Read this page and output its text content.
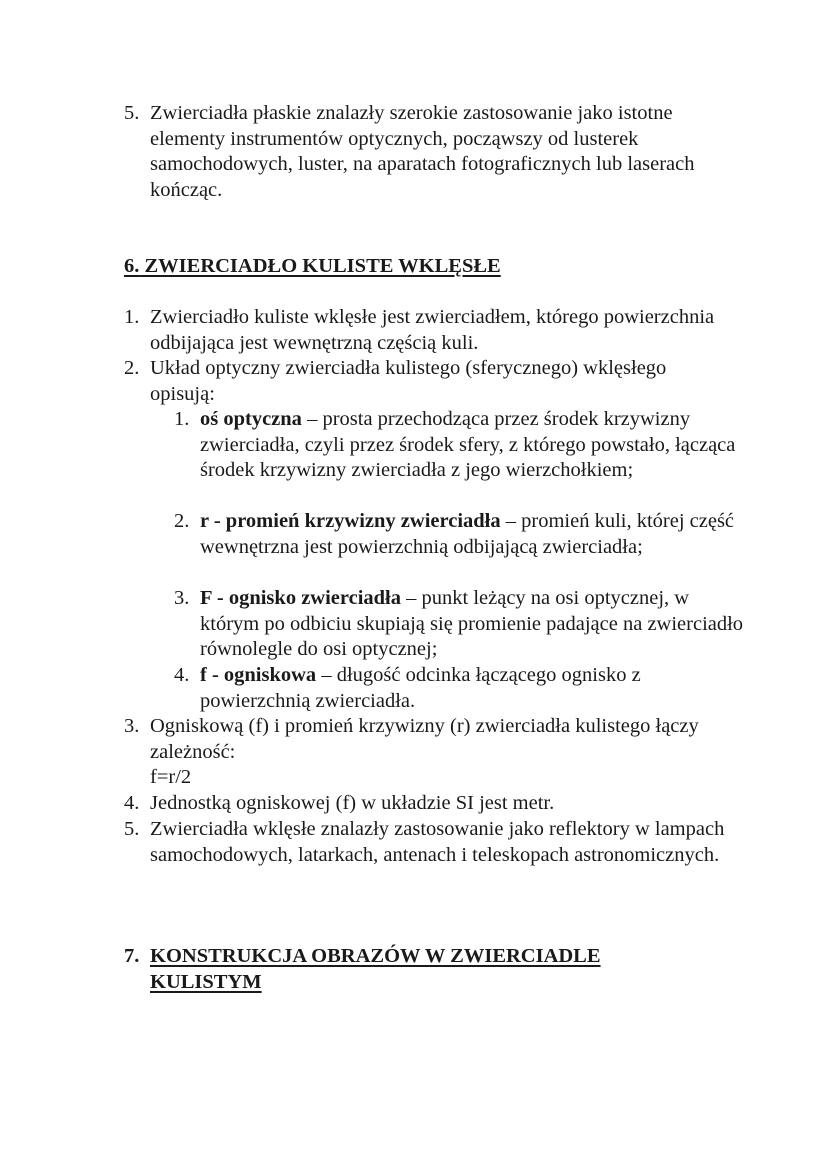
5. Zwierciadła płaskie znalazły szerokie zastosowanie jako istotne elementy instrumentów optycznych, począwszy od lusterek samochodowych, luster, na aparatach fotograficznych lub laserach kończąc.
6. ZWIERCIADŁO KULISTE WKLĘSŁE
1. Zwierciadło kuliste wklęsłe jest zwierciadłem, którego powierzchnia odbijająca jest wewnętrzną częścią kuli.
2. Układ optyczny zwierciadła kulistego (sferycznego) wklęsłego opisują:
1. oś optyczna – prosta przechodząca przez środek krzywizny zwierciadła, czyli przez środek sfery, z którego powstało, łącząca środek krzywizny zwierciadła z jego wierzchołkiem;
2. r - promień krzywizny zwierciadła – promień kuli, której część wewnętrzna jest powierzchnią odbijającą zwierciadła;
3. F - ognisko zwierciadła – punkt leżący na osi optycznej, w którym po odbiciu skupiają się promienie padające na zwierciadło równolegle do osi optycznej;
4. f - ogniskowa – długość odcinka łączącego ognisko z powierzchnią zwierciadła.
3. Ogniskową (f) i promień krzywizny (r) zwierciadła kulistego łączy zależność:
f=r/2
4. Jednostką ogniskowej (f) w układzie SI jest metr.
5. Zwierciadła wklęsłe znalazły zastosowanie jako reflektory w lampach samochodowych, latarkach, antenach i teleskopach astronomicznych.
7. KONSTRUKCJA OBRAZÓW W ZWIERCIADLE KULISTYM
